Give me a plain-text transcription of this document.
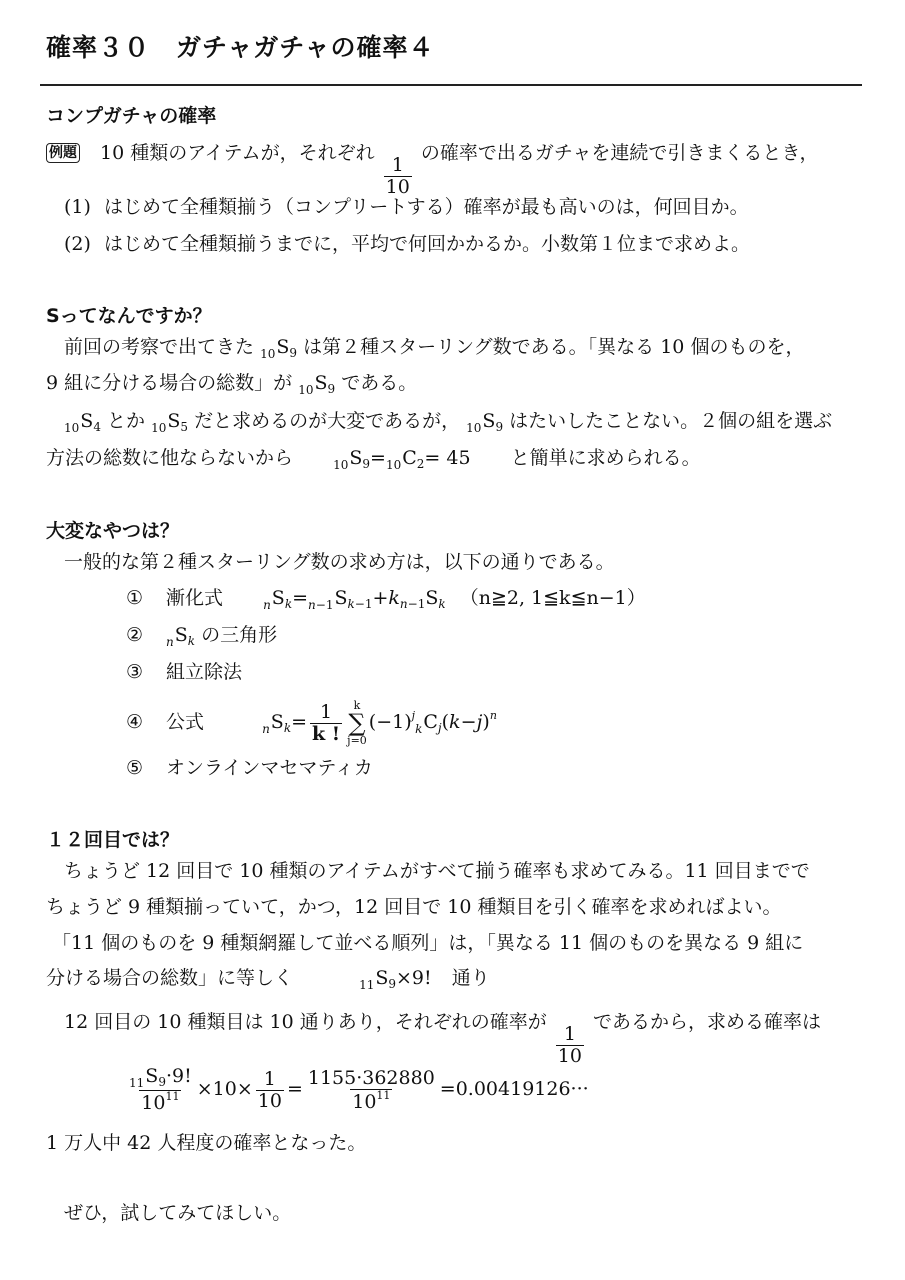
確率３０　ガチャガチャの確率４
コンプガチャの確率
例題 10 種類のアイテムが，それぞれ
$\frac{1}{10}$
の確率で出るガチャを連続で引きまくるとき，
(1) はじめて全種類揃う（コンプリートする）確率が最も高いのは，何回目か。
(2) はじめて全種類揃うまでに，平均で何回かかるか。小数第１位まで求めよ。
Sってなんですか？
前回の考察で出てきた $_{10}S_9$ は第２種スターリング数である。「異なる 10 個のものを，
9 組に分ける場合の総数」が $_{10}S_9$ である。
$_{10}S_4$ とか $_{10}S_5$ だと求めるのが大変であるが， $_{10}S_9$ はたいしたことない。２個の組を選ぶ
方法の総数に他ならないから	$_{10}S_9=_{10}C_2= 45$ と簡単に求められる。
大変なやつは？
一般的な第２種スターリング数の求め方は，以下の通りである。
① 漸化式	$_nS_k=_{n-1}S_{k-1}+k_{n-1}S_k$ （n≧2, 1≦k≦n−1）
② $_nS_k$ の三角形
③ 組立除法
④ 公式	$_nS_k= \frac{1}{k !}$ k
∑
j=0
$(-1)^j_kC_j(k-j)^n$
⑤ オンラインマセマティカ
１２回目では？
ちょうど 12 回目で 10 種類のアイテムがすべて揃う確率も求めてみる。11 回目までで
ちょうど 9 種類揃っていて，かつ，12 回目で 10 種類目を引く確率を求めればよい。
「11 個のものを 9 種類網羅して並べる順列」は，「異なる 11 個のものを異なる 9 組に
分ける場合の総数」に等しく	$_{11}S_9\times 9$! 通り
12 回目の 10 種類目は 10 通りあり，それぞれの確率が
$\frac{1}{10}$
であるから，求める確率は
$\frac{_{11}S_9\cdot 9!}{10^{11}} \times 10\times \frac{1}{10} = \frac{1155\cdot 362880}{10^{11}} =0.00419126\cdot\cdot\cdot$
1 万人中 42 人程度の確率となった。
ぜひ，試してみてほしい。
